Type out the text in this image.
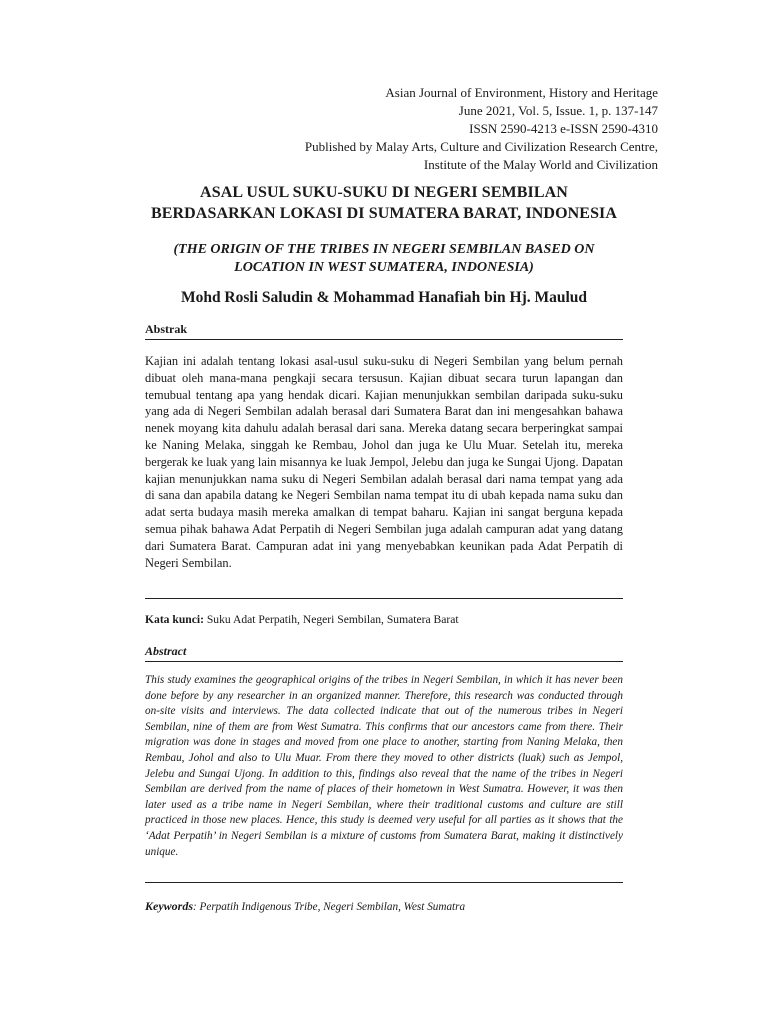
Asian Journal of Environment, History and Heritage
June 2021, Vol. 5, Issue. 1, p. 137-147
ISSN 2590-4213 e-ISSN 2590-4310
Published by Malay Arts, Culture and Civilization Research Centre,
Institute of the Malay World and Civilization
ASAL USUL SUKU-SUKU DI NEGERI SEMBILAN
BERDASARKAN LOKASI DI SUMATERA BARAT, INDONESIA
(THE ORIGIN OF THE TRIBES IN NEGERI SEMBILAN BASED ON
LOCATION IN WEST SUMATERA, INDONESIA)
Mohd Rosli Saludin & Mohammad Hanafiah bin Hj. Maulud
Abstrak
Kajian ini adalah tentang lokasi asal-usul suku-suku di Negeri Sembilan yang belum pernah dibuat oleh mana-mana pengkaji secara tersusun. Kajian dibuat secara turun lapangan dan temubual tentang apa yang hendak dicari. Kajian menunjukkan sembilan daripada suku-suku yang ada di Negeri Sembilan adalah berasal dari Sumatera Barat dan ini mengesahkan bahawa nenek moyang kita dahulu adalah berasal dari sana. Mereka datang secara berperingkat sampai ke Naning Melaka, singgah ke Rembau, Johol dan juga ke Ulu Muar. Setelah itu, mereka bergerak ke luak yang lain misannya ke luak Jempol, Jelebu dan juga ke Sungai Ujong. Dapatan kajian menunjukkan nama suku di Negeri Sembilan adalah berasal dari nama tempat yang ada di sana dan apabila datang ke Negeri Sembilan nama tempat itu di ubah kepada nama suku dan adat serta budaya masih mereka amalkan di tempat baharu. Kajian ini sangat berguna kepada semua pihak bahawa Adat Perpatih di Negeri Sembilan juga adalah campuran adat yang datang dari Sumatera Barat. Campuran adat ini yang menyebabkan keunikan pada Adat Perpatih di Negeri Sembilan.
Kata kunci: Suku Adat Perpatih, Negeri Sembilan, Sumatera Barat
Abstract
This study examines the geographical origins of the tribes in Negeri Sembilan, in which it has never been done before by any researcher in an organized manner. Therefore, this research was conducted through on-site visits and interviews. The data collected indicate that out of the numerous tribes in Negeri Sembilan, nine of them are from West Sumatra. This confirms that our ancestors came from there. Their migration was done in stages and moved from one place to another, starting from Naning Melaka, then Rembau, Johol and also to Ulu Muar. From there they moved to other districts (luak) such as Jempol, Jelebu and Sungai Ujong. In addition to this, findings also reveal that the name of the tribes in Negeri Sembilan are derived from the name of places of their hometown in West Sumatra. However, it was then later used as a tribe name in Negeri Sembilan, where their traditional customs and culture are still practiced in those new places. Hence, this study is deemed very useful for all parties as it shows that the ‘Adat Perpatih’ in Negeri Sembilan is a mixture of customs from Sumatera Barat, making it distinctively unique.
Keywords: Perpatih Indigenous Tribe, Negeri Sembilan, West Sumatra
